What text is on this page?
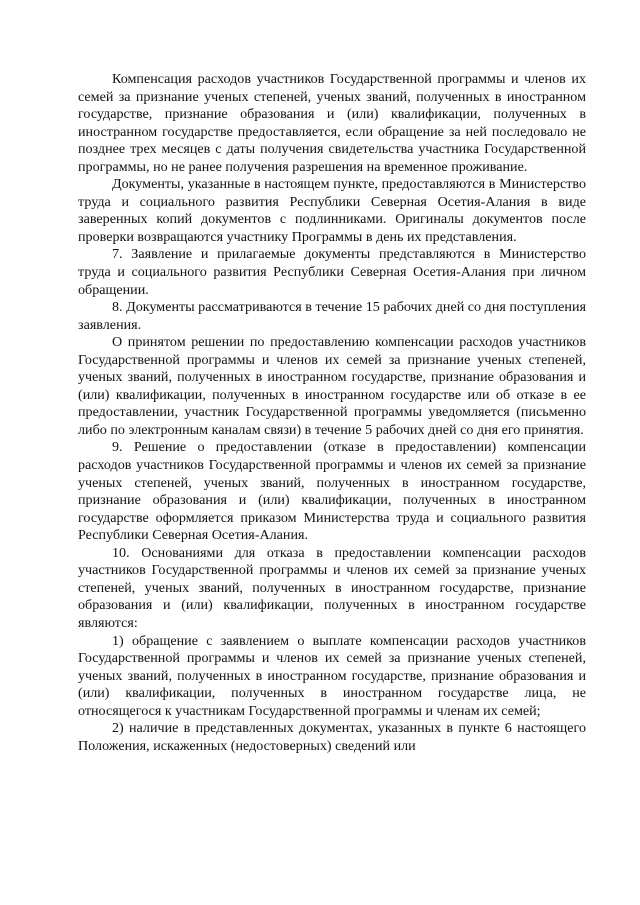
Компенсация расходов участников Государственной программы и членов их семей за признание ученых степеней, ученых званий, полученных в иностранном государстве, признание образования и (или) квалификации, полученных в иностранном государстве предоставляется, если обращение за ней последовало не позднее трех месяцев с даты получения свидетельства участника Государственной программы, но не ранее получения разрешения на временное проживание.

Документы, указанные в настоящем пункте, предоставляются в Министерство труда и социального развития Республики Северная Осетия-Алания в виде заверенных копий документов с подлинниками. Оригиналы документов после проверки возвращаются участнику Программы в день их представления.

7. Заявление и прилагаемые документы представляются в Министерство труда и социального развития Республики Северная Осетия-Алания при личном обращении.

8. Документы рассматриваются в течение 15 рабочих дней со дня поступления заявления.

О принятом решении по предоставлению компенсации расходов участников Государственной программы и членов их семей за признание ученых степеней, ученых званий, полученных в иностранном государстве, признание образования и (или) квалификации, полученных в иностранном государстве или об отказе в ее предоставлении, участник Государственной программы уведомляется (письменно либо по электронным каналам связи) в течение 5 рабочих дней со дня его принятия.

9. Решение о предоставлении (отказе в предоставлении) компенсации расходов участников Государственной программы и членов их семей за признание ученых степеней, ученых званий, полученных в иностранном государстве, признание образования и (или) квалификации, полученных в иностранном государстве оформляется приказом Министерства труда и социального развития Республики Северная Осетия-Алания.

10. Основаниями для отказа в предоставлении компенсации расходов участников Государственной программы и членов их семей за признание ученых степеней, ученых званий, полученных в иностранном государстве, признание образования и (или) квалификации, полученных в иностранном государстве являются:

1) обращение с заявлением о выплате компенсации расходов участников Государственной программы и членов их семей за признание ученых степеней, ученых званий, полученных в иностранном государстве, признание образования и (или) квалификации, полученных в иностранном государстве лица, не относящегося к участникам Государственной программы и членам их семей;

2) наличие в представленных документах, указанных в пункте 6 настоящего Положения, искаженных (недостоверных) сведений или
